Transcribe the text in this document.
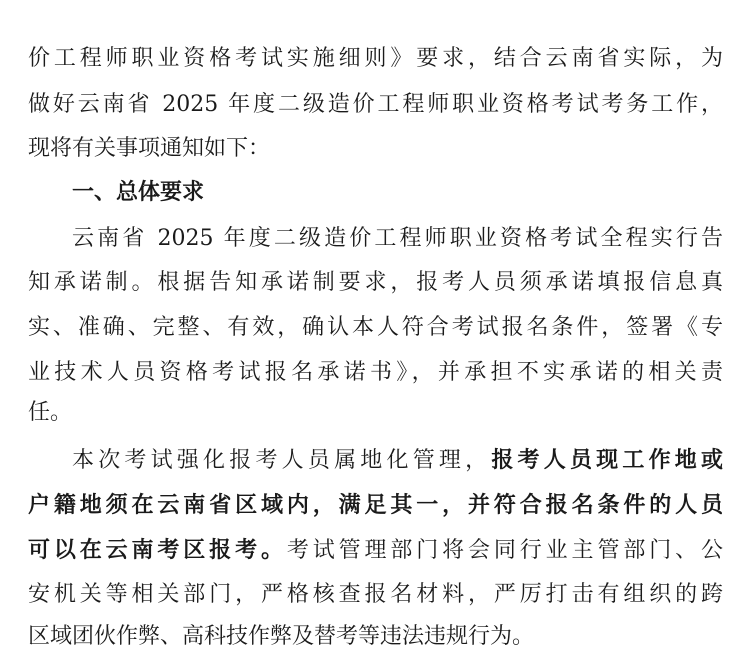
价工程师职业资格考试实施细则》要求，结合云南省实际，为
做好云南省 2025 年度二级造价工程师职业资格考试考务工作，
现将有关事项通知如下：
一、总体要求
云南省 2025 年度二级造价工程师职业资格考试全程实行告
知承诺制。根据告知承诺制要求，报考人员须承诺填报信息真
实、准确、完整、有效，确认本人符合考试报名条件，签署《专
业技术人员资格考试报名承诺书》，并承担不实承诺的相关责
任。
本次考试强化报考人员属地化管理，报考人员现工作地或
户籍地须在云南省区域内，满足其一，并符合报名条件的人员
可以在云南考区报考。考试管理部门将会同行业主管部门、公
安机关等相关部门，严格核查报名材料，严厉打击有组织的跨
区域团伙作弊、高科技作弊及替考等违法违规行为。
